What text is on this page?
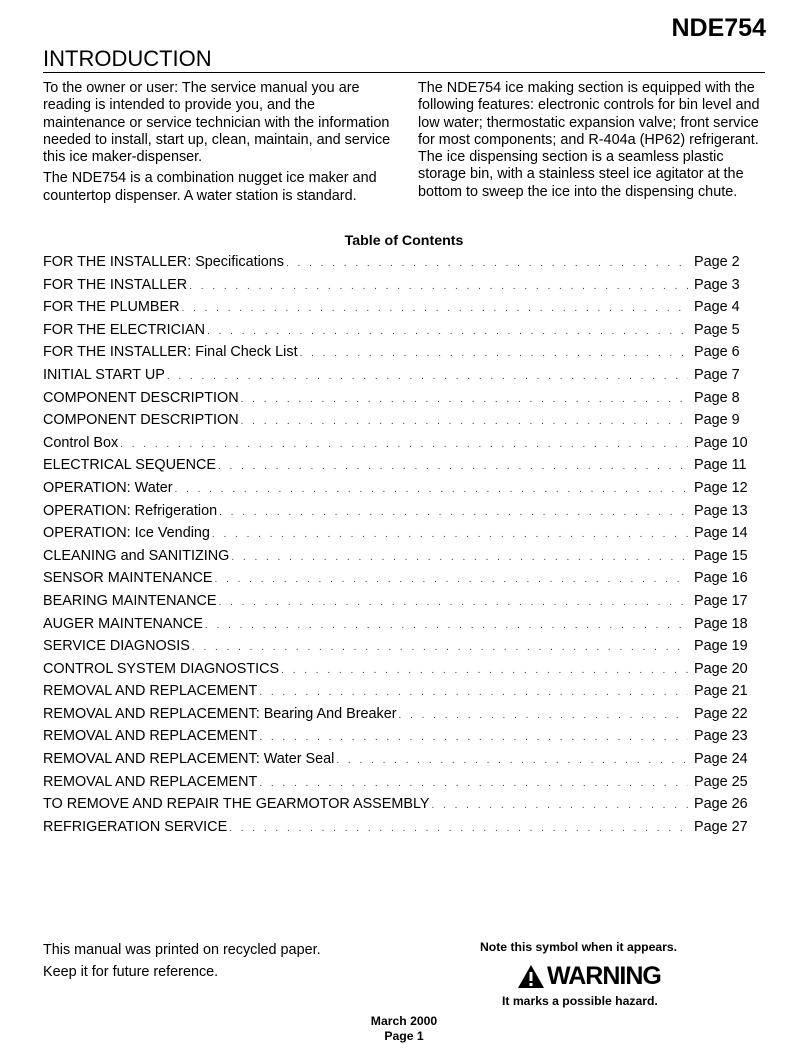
NDE754
INTRODUCTION

To the owner or user: The service manual you are reading is intended to provide you, and the maintenance or service technician with the information needed to install, start up, clean, maintain, and service this ice maker-dispenser.

The NDE754 is a combination nugget ice maker and countertop dispenser. A water station is standard.

The NDE754 ice making section is equipped with the following features: electronic controls for bin level and low water; thermostatic expansion valve; front service for most components; and R-404a (HP62) refrigerant. The ice dispensing section is a seamless plastic storage bin, with a stainless steel ice agitator at the bottom to sweep the ice into the dispensing chute.

Table of Contents
FOR THE INSTALLER: Specifications . . .	Page 2
FOR THE INSTALLER . . .	Page 3
FOR THE PLUMBER . . .	Page 4
FOR THE ELECTRICIAN . . .	Page 5
FOR THE INSTALLER: Final Check List . . .	Page 6
INITIAL START UP . . .	Page 7
COMPONENT DESCRIPTION . . .	Page 8
COMPONENT DESCRIPTION . . .	Page 9
Control Box . . .	Page 10
ELECTRICAL SEQUENCE . . .	Page 11
OPERATION: Water . . .	Page 12
OPERATION: Refrigeration . . .	Page 13
OPERATION: Ice Vending . . .	Page 14
CLEANING and SANITIZING . . .	Page 15
SENSOR MAINTENANCE . . .	Page 16
BEARING MAINTENANCE . . .	Page 17
AUGER MAINTENANCE . . .	Page 18
SERVICE DIAGNOSIS . . .	Page 19
CONTROL SYSTEM DIAGNOSTICS . . .	Page 20
REMOVAL AND REPLACEMENT . . .	Page 21
REMOVAL AND REPLACEMENT: Bearing And Breaker . . .	Page 22
REMOVAL AND REPLACEMENT . . .	Page 23
REMOVAL AND REPLACEMENT: Water Seal . . .	Page 24
REMOVAL AND REPLACEMENT . . .	Page 25
TO REMOVE AND REPAIR THE GEARMOTOR ASSEMBLY . . .	Page 26
REFRIGERATION SERVICE . . .	Page 27
This manual was printed on recycled paper.
Keep it for future reference.
Note this symbol when it appears.
WARNING
It marks a possible hazard.
March 2000
Page 1
